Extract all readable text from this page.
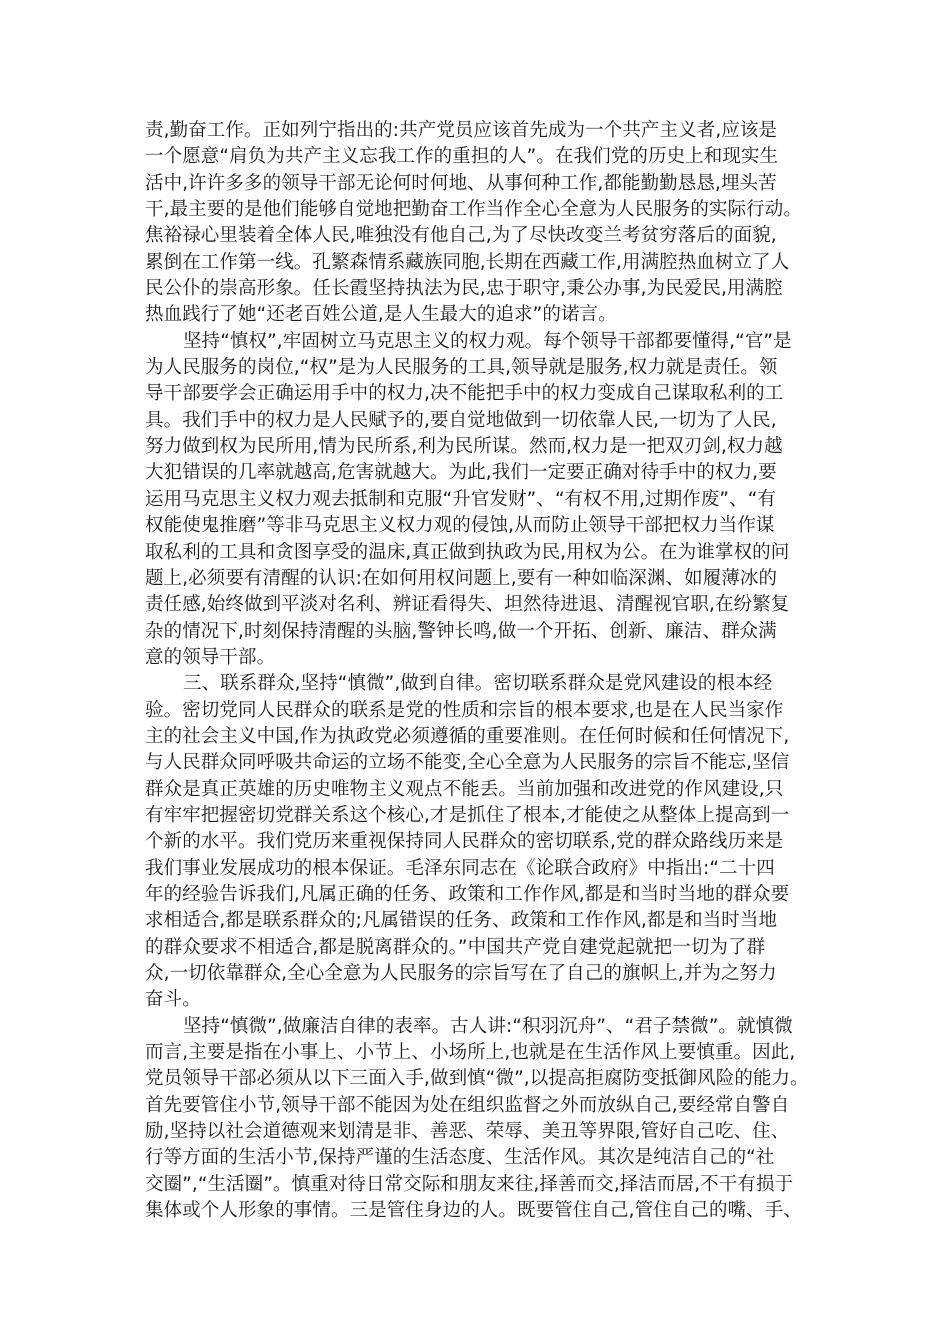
责,勤奋工作。正如列宁指出的:共产党员应该首先成为一个共产主义者,应该是
一个愿意“肩负为共产主义忘我工作的重担的人”。在我们党的历史上和现实生
活中,许许多多的领导干部无论何时何地、从事何种工作,都能勤勤恳恳,埋头苦
干,最主要的是他们能够自觉地把勤奋工作当作全心全意为人民服务的实际行动。
焦裕禄心里装着全体人民,唯独没有他自己,为了尽快改变兰考贫穷落后的面貌,
累倒在工作第一线。孔繁森情系藏族同胞,长期在西藏工作,用满腔热血树立了人
民公仆的崇高形象。任长霞坚持执法为民,忠于职守,秉公办事,为民爱民,用满腔
热血践行了她“还老百姓公道,是人生最大的追求”的诺言。
坚持“慎权”,牢固树立马克思主义的权力观。每个领导干部都要懂得,“官”是
为人民服务的岗位,“权”是为人民服务的工具,领导就是服务,权力就是责任。领
导干部要学会正确运用手中的权力,决不能把手中的权力变成自己谋取私利的工
具。我们手中的权力是人民赋予的,要自觉地做到一切依靠人民,一切为了人民,
努力做到权为民所用,情为民所系,利为民所谋。然而,权力是一把双刃剑,权力越
大犯错误的几率就越高,危害就越大。为此,我们一定要正确对待手中的权力,要
运用马克思主义权力观去抵制和克服“升官发财”、“有权不用,过期作废”、“有
权能使鬼推磨”等非马克思主义权力观的侵蚀,从而防止领导干部把权力当作谋
取私利的工具和贪图享受的温床,真正做到执政为民,用权为公。在为谁掌权的问
题上,必须要有清醒的认识:在如何用权问题上,要有一种如临深渊、如履薄冰的
责任感,始终做到平淡对名利、辨证看得失、坦然待进退、清醒视官职,在纷繁复
杂的情况下,时刻保持清醒的头脑,警钟长鸣,做一个开拓、创新、廉洁、群众满
意的领导干部。
三、联系群众,坚持“慎微”,做到自律。密切联系群众是党风建设的根本经
验。密切党同人民群众的联系是党的性质和宗旨的根本要求,也是在人民当家作
主的社会主义中国,作为执政党必须遵循的重要准则。在任何时候和任何情况下,
与人民群众同呼吸共命运的立场不能变,全心全意为人民服务的宗旨不能忘,坚信
群众是真正英雄的历史唯物主义观点不能丢。当前加强和改进党的作风建设,只
有牢牢把握密切党群关系这个核心,才是抓住了根本,才能使之从整体上提高到一
个新的水平。我们党历来重视保持同人民群众的密切联系,党的群众路线历来是
我们事业发展成功的根本保证。毛泽东同志在《论联合政府》中指出:“二十四
年的经验告诉我们,凡属正确的任务、政策和工作作风,都是和当时当地的群众要
求相适合,都是联系群众的;凡属错误的任务、政策和工作作风,都是和当时当地
的群众要求不相适合,都是脱离群众的。”中国共产党自建党起就把一切为了群
众,一切依靠群众,全心全意为人民服务的宗旨写在了自己的旗帜上,并为之努力
奋斗。
坚持“慎微”,做廉洁自律的表率。古人讲:“积羽沉舟”、“君子禁微”。就慎微
而言,主要是指在小事上、小节上、小场所上,也就是在生活作风上要慎重。因此,
党员领导干部必须从以下三面入手,做到慎“微”,以提高拒腐防变抵御风险的能力。
首先要管住小节,领导干部不能因为处在组织监督之外而放纵自己,要经常自警自
励,坚持以社会道德观来划清是非、善恶、荣辱、美丑等界限,管好自己吃、住、
行等方面的生活小节,保持严谨的生活态度、生活作风。其次是纯洁自己的“社
交圈”,“生活圈”。慎重对待日常交际和朋友来往,择善而交,择洁而居,不干有损于
集体或个人形象的事情。三是管住身边的人。既要管住自己,管住自己的嘴、手、
